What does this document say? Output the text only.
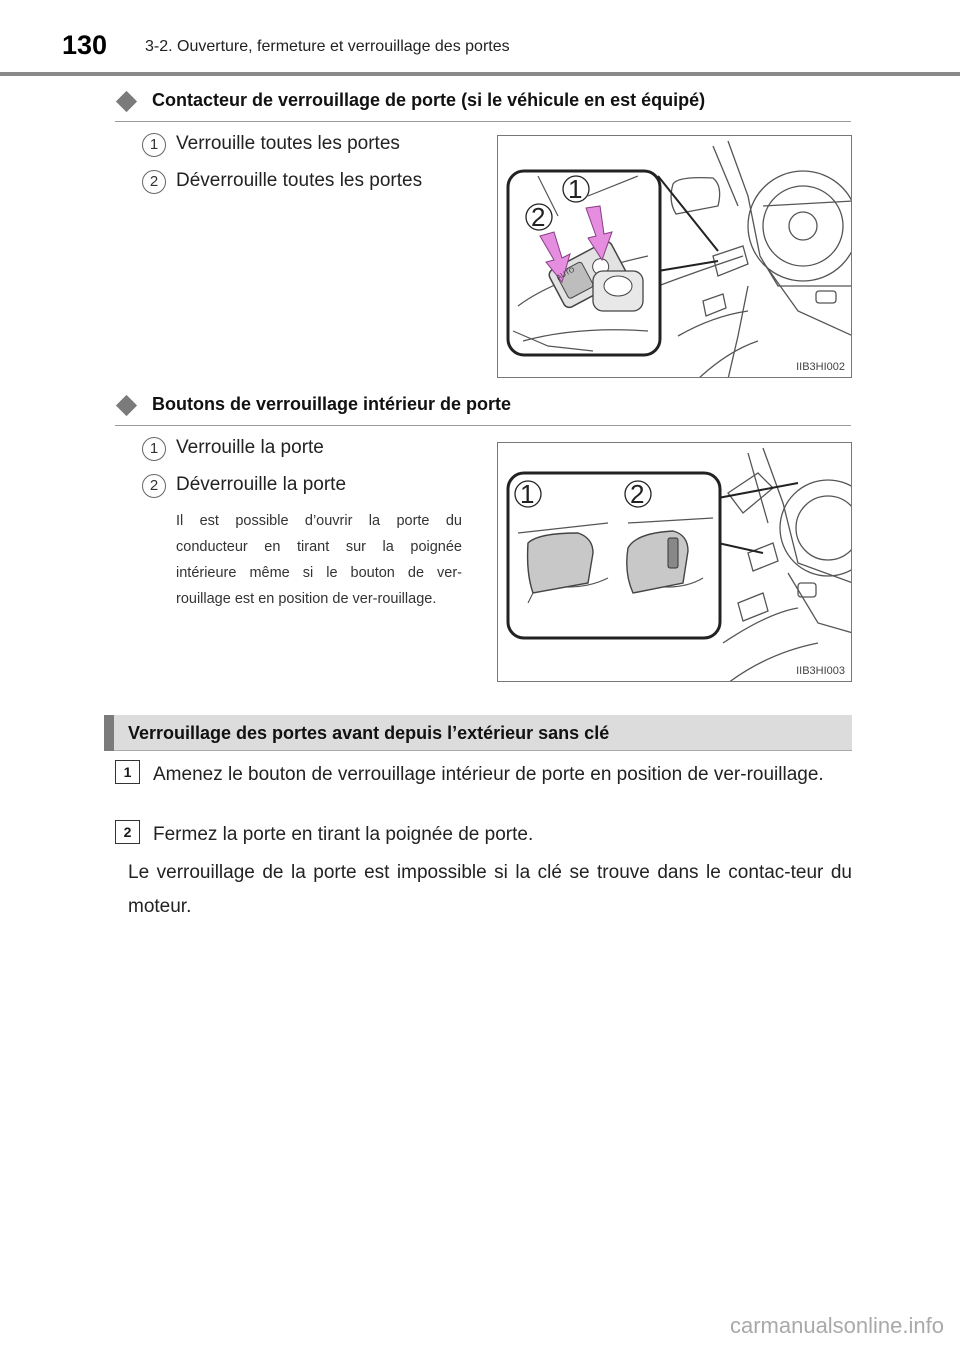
130 3-2. Ouverture, fermeture et verrouillage des portes
Contacteur de verrouillage de porte (si le véhicule en est équipé)
1 Verrouille toutes les portes
2 Déverrouille toutes les portes
AUTO
1
2
IIB3HI002
Boutons de verrouillage intérieur de porte
1 Verrouille la porte
2 Déverrouille la porte
Il est possible d’ouvrir la porte du conducteur en tirant sur la poignée intérieure même si le bouton de ver-rouillage est en position de ver-rouillage.
1	2
IIB3HI003
Verrouillage des portes avant depuis l’extérieur sans clé
1	Amenez le bouton de verrouillage intérieur de porte en position de ver-rouillage.
2	Fermez la porte en tirant la poignée de porte.
Le verrouillage de la porte est impossible si la clé se trouve dans le contac-teur du moteur.
carmanualsonline.info
